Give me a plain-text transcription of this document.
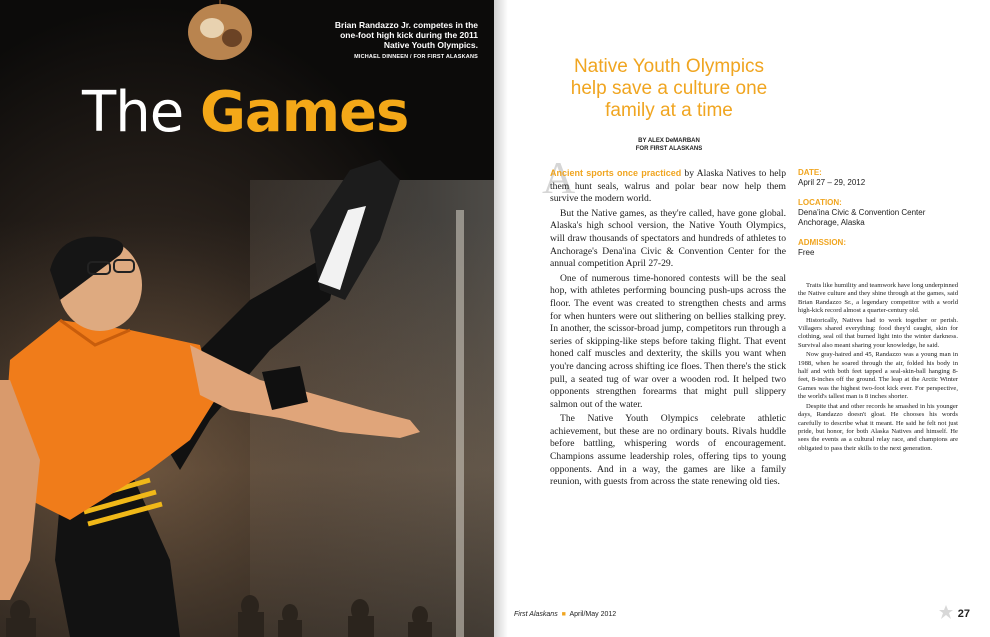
Brian Randazzo Jr. competes in the one-foot high kick during the 2011 Native Youth Olympics.
MICHAEL DINNEEN / FOR FIRST ALASKANS
The Games
Native Youth Olympics help save a culture one family at a time
BY ALEX DeMARBAN
FOR FIRST ALASKANS

A
Ancient sports once practiced by Alaska Natives to help them hunt seals, walrus and polar bear now help them survive the modern world.

But the Native games, as they're called, have gone global. Alaska's high school version, the Native Youth Olympics, will draw thousands of spectators and hundreds of athletes to Anchorage's Dena'ina Civic & Convention Center for the annual competition April 27-29.

One of numerous time-honored contests will be the seal hop, with athletes performing bouncing push-ups across the floor. The event was created to strengthen chests and arms for when hunters were out slithering on bellies stalking prey. In another, the scissor-broad jump, competitors run through a series of skipping-like steps before taking flight. That event honed calf muscles and dexterity, the skills you want when you're dancing across shifting ice floes. Then there's the stick pull, a seated tug of war over a wooden rod. It helped two opponents strengthen forearms that might pull slippery salmon out of the water.

The Native Youth Olympics celebrate athletic achievement, but these are no ordinary bouts. Rivals huddle before battling, whispering words of encouragement. Champions assume leadership roles, offering tips to young opponents. And in a way, the games are like a family reunion, with guests from across the state renewing old ties.

DATE:

April 27 – 29, 2012

LOCATION:

Dena'ina Civic & Convention Center
Anchorage, Alaska

ADMISSION:

Free

Traits like humility and teamwork have long underpinned the Native culture and they shine through at the games, said Brian Randazzo Sr., a legendary competitor with a world high-kick record almost a quarter-century old.

Historically, Natives had to work together or perish. Villagers shared everything: food they'd caught, skin for clothing, seal oil that burned light into the winter darkness. Survival also meant sharing your knowledge, he said.

Now gray-haired and 45, Randazzo was a young man in 1988, when he soared through the air, folded his body in half and with both feet tapped a seal-skin-ball hanging 8-feet, 8-inches off the ground. The leap at the Arctic Winter Games was the highest two-foot kick ever. For perspective, the world's tallest man is 8 inches shorter.

Despite that and other records he smashed in his younger days, Randazzo doesn't gloat. He chooses his words carefully to describe what it meant. He said he felt not just pride, but honor, for both Alaska Natives and himself. He sees the events as a cultural relay race, and champions are obligated to pass their skills to the next generation.

First Alaskans ■ April/May 2012	27
